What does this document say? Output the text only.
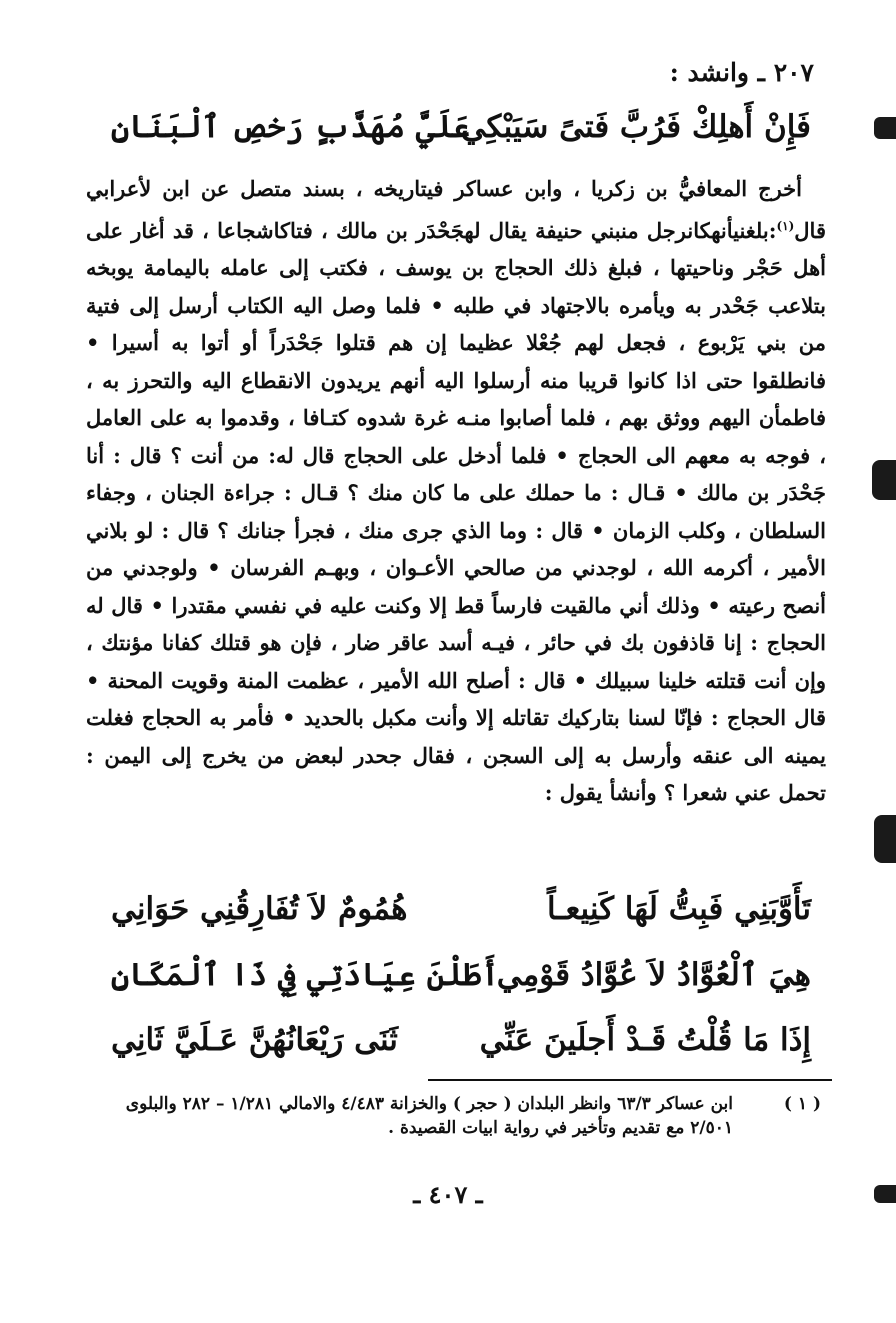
٢٠٧ ـ وانشد :
فَإِنْ أَهلِكْ فَرُبَّ فَتىً سَيَبْكِي
عَلَيَّ مُهَذَّبٍ رَخصِ ٱلْبَنَانِ

أخرج المعافيُّ بن زكريا ، وابن عساكر فيتاريخه ، بسند متصل عن ابن لأعرابي قال$^{(١)}$:بلغنيأنهكانرجل منبني حنيفة يقال لهجَحْدَر بن مالك ، فتاكاشجاعا ، قد أغار على أهل حَجْر وناحيتها ، فبلغ ذلك الحجاج بن يوسف ، فكتب إلى عامله باليمامة يوبخه بتلاعب جَحْدر به ويأمره بالاجتهاد في طلبه • فلما وصل اليه الكتاب أرسل إلى فتية من بني يَرْبوع ، فجعل لهم جُعْلا عظيما إن هم قتلوا جَحْدَراً أو أتوا به أسيرا • فانطلقوا حتى اذا كانوا قريبا منه أرسلوا اليه أنهم يريدون الانقطاع اليه والتحرز به ، فاطمأن اليهم ووثق بهم ، فلما أصابوا منـه غرة شدوه كتـافا ، وقدموا به على العامل ، فوجه به معهم الى الحجاج • فلما أدخل على الحجاج قال له: من أنت ؟ قال : أنا جَحْدَر بن مالك • قـال : ما حملك على ما كان منك ؟ قـال : جراءة الجنان ، وجفاء السلطان ، وكلب الزمان • قال : وما الذي جرى منك ، فجرأ جنانك ؟ قال : لو بلاني الأمير ، أكرمه الله ، لوجدني من صالحي الأعـوان ، وبهـم الفرسان • ولوجدني من أنصح رعيته • وذلك أني مالقيت فارساً قط إلا وكنت عليه في نفسي مقتدرا • قال له الحجاج : إنا قاذفون بك في حائر ، فيـه أسد عاقر ضار ، فإن هو قتلك كفانا مؤنتك ، وإن أنت قتلته خلينا سبيلك • قال : أصلح الله الأمير ، عظمت المنة وقويت المحنة • قال الحجاج : فإنّا لسنا بتاركيك تقاتله إلا وأنت مكبل بالحديد • فأمر به الحجاج فغلت يمينه الى عنقه وأرسل به إلى السجن ، فقال جحدر لبعض من يخرج إلى اليمن : تحمل عني شعرا ؟ وأنشأ يقول :

تَأَوَّبَنِي فَبِتُّ لَهَا كَنِيعـاً
هُمُومٌ لاَ تُفَارِقُنِي حَوَانِي
هِيَ ٱلْعُوَّادُ لاَ عُوَّادُ قَوْمِي
أَطَلْنَ عِيَادَتِي فِي ذَا ٱلْمَكَانِ
إِذَا مَا قُلْتُ قَـدْ أَجلَينَ عَنِّي
ثَنَى رَيْعَانُهُنَّ عَـلَيَّ ثَانِي
( ١ )
ابن عساكر ٦٣/٣ وانظر البلدان ( حجر ) والخزانة ٤/٤٨٣ والامالي ١/٢٨١ – ٢٨٢ والبلوى ٢/٥٠١ مع تقديم وتأخير في رواية ابيات القصيدة .
ـ ٤٠٧ ـ
